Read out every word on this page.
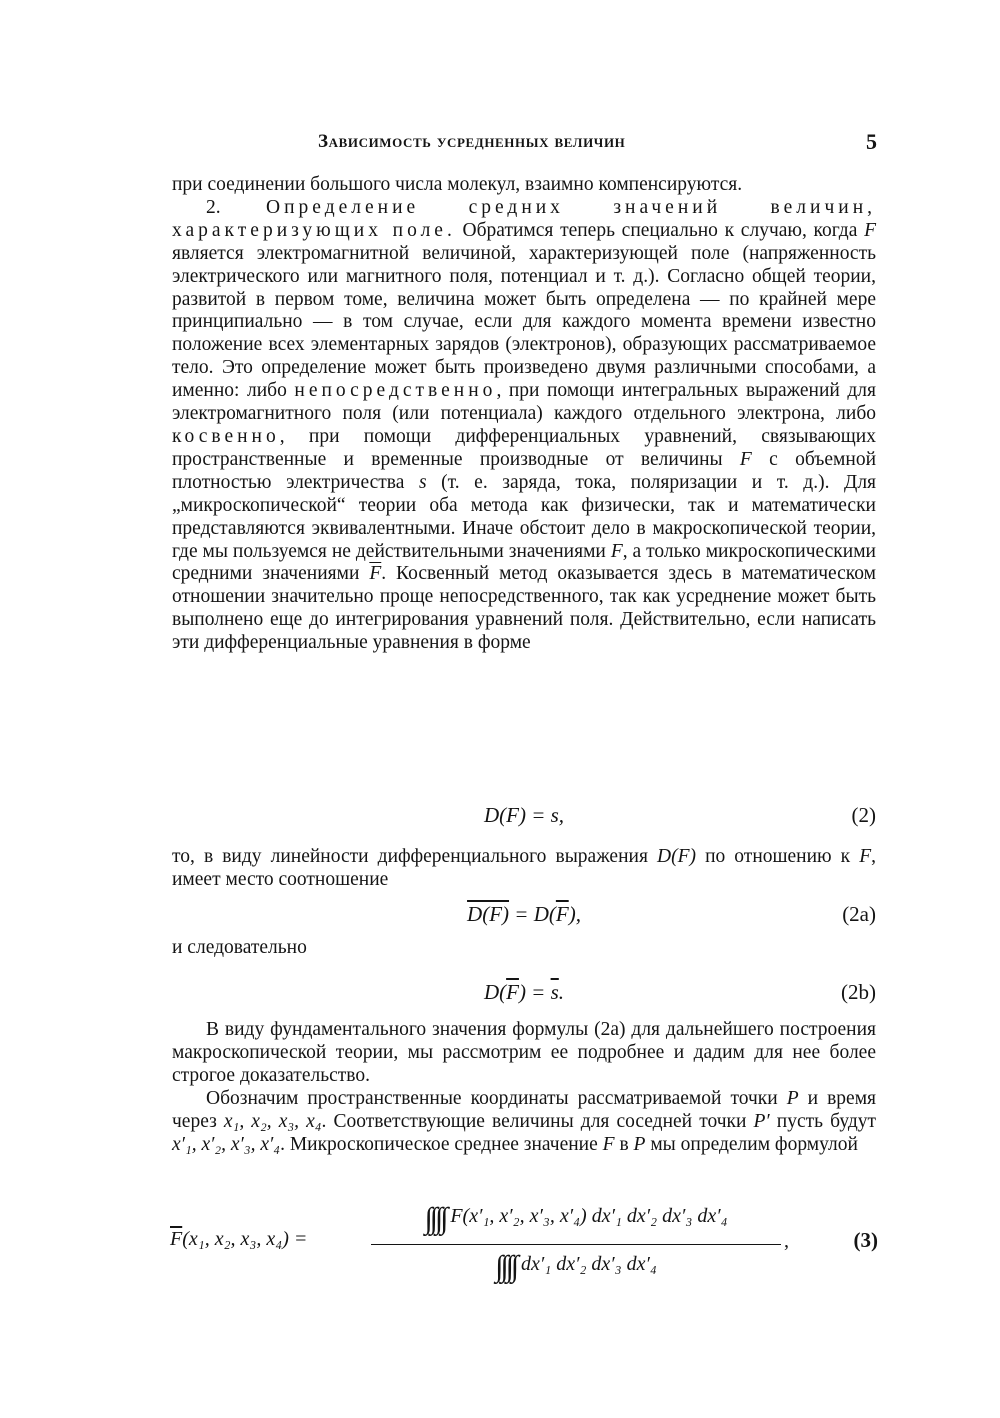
Зависимость усредненных величин	5

при соединении большого числа молекул, взаимно компенсируются.

2. Определение средних значений величин, характеризующих поле. Обратимся теперь специально к случаю, когда F является электромагнитной величиной, характеризующей поле (напряженность электрического или магнитного поля, потенциал и т. д.). Согласно общей теории, развитой в первом томе, величина может быть определена — по крайней мере принципиально — в том случае, если для каждого момента времени известно положение всех элементарных зарядов (электронов), образующих рассматриваемое тело. Это определение может быть произведено двумя различными способами, а именно: либо непосредственно, при помощи интегральных выражений для электромагнитного поля (или потенциала) каждого отдельного электрона, либо косвенно, при помощи дифференциальных уравнений, связывающих пространственные и временные производные от величины F с объемной плотностью электричества s (т. е. заряда, тока, поляризации и т. д.). Для „микроскопической“ теории оба метода как физически, так и математически представляются эквивалентными. Иначе обстоит дело в макроскопической теории, где мы пользуемся не действительными значениями F, а только микроскопическими средними значениями $\overline{F}$. Косвенный метод оказывается здесь в математическом отношении значительно проще непосредственного, так как усреднение может быть выполнено еще до интегрирования уравнений поля. Действительно, если написать эти дифференциальные уравнения в форме

D(F) = s,	(2)

то, в виду линейности дифференциального выражения D(F) по отношению к F, имеет место соотношение

$D(F) = D(\overline{F})$,	(2a)

и следовательно

$D(\overline{F}) = \overline{s}$.	(2b)

В виду фундаментального значения формулы (2a) для дальнейшего построения макроскопической теории, мы рассмотрим ее подробнее и дадим для нее более строгое доказательство.

Обозначим пространственные координаты рассматриваемой точки P и время через x₁, x₂, x₃, x₄. Соответствующие величины для соседней точки P′ пусть будут x′₁, x′₂, x′₃, x′₄. Микроскопическое среднее значение F в P мы определим формулой

$\overline{F}(x_1$, x₂, x₃, x₄) =
∫∫∫∫ F(x′₁, x′₂, x′₃, x′₄) dx′₁ dx′₂ dx′₃ dx′₄
∫∫∫∫ dx′₁ dx′₂ dx′₃ dx′₄
,	(3)
